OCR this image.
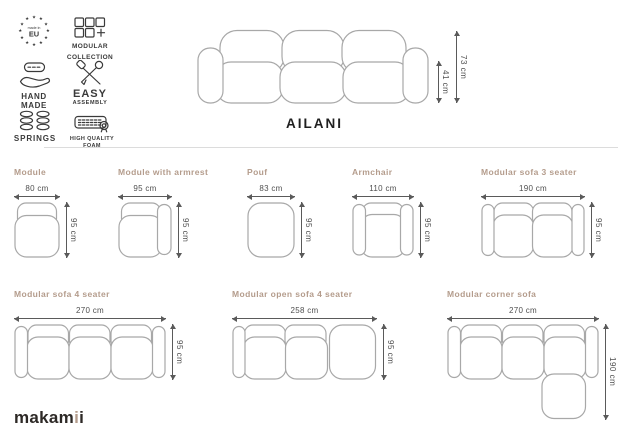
★
★
★
★
★
★
★
★
★ ★ ★
★
made in
EU
MODULAR
COLLECTION
HAND
MADE
EASY
ASSEMBLY
SPRINGS HIGH QUALITY
41 cm
73 cm
AILANI
Module
80 cm
95 cm
Module with armrest
95 cm
95 cm
Pouf
83 cm
95 cm
Armchair
110 cm
95 cm
Modular sofa 3 seater
190 cm
95 cm
Modular sofa 4 seater
270 cm
95 cm
Modular open sofa 4 seater
258 cm
95 cm
Modular corner sofa
270 cm
190 cm
makamii
